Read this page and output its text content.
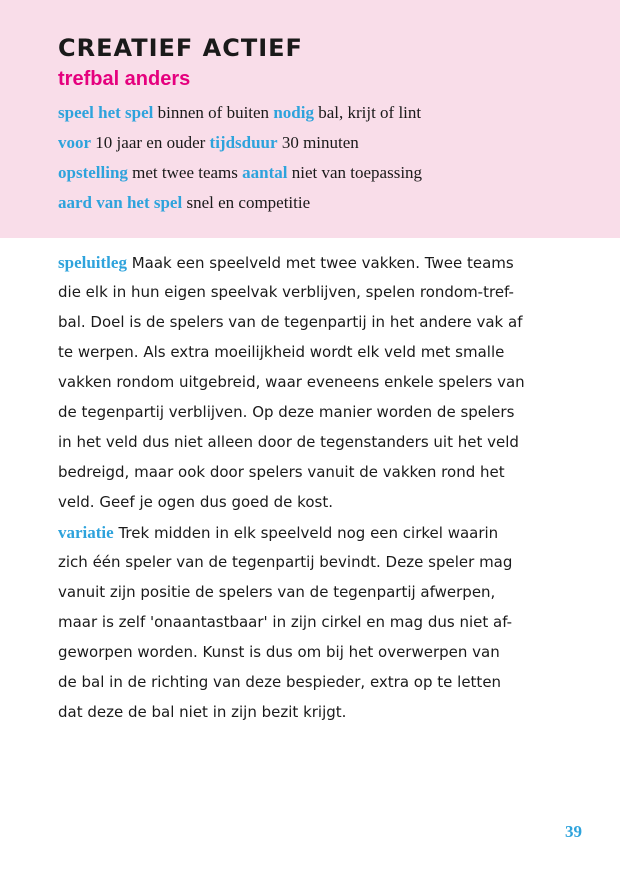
CREATIEF ACTIEF
trefbal anders
speel het spel binnen of buiten nodig bal, krijt of lint
voor 10 jaar en ouder tijdsduur 30 minuten
opstelling met twee teams aantal niet van toepassing
aard van het spel snel en competitie
speluitleg Maak een speelveld met twee vakken. Twee teams
die elk in hun eigen speelvak verblijven, spelen rondom-tref-
bal. Doel is de spelers van de tegenpartij in het andere vak af
te werpen. Als extra moeilijkheid wordt elk veld met smalle
vakken rondom uitgebreid, waar eveneens enkele spelers van
de tegenpartij verblijven. Op deze manier worden de spelers
in het veld dus niet alleen door de tegenstanders uit het veld
bedreigd, maar ook door spelers vanuit de vakken rond het
veld. Geef je ogen dus goed de kost.
variatie Trek midden in elk speelveld nog een cirkel waarin
zich één speler van de tegenpartij bevindt. Deze speler mag
vanuit zijn positie de spelers van de tegenpartij afwerpen,
maar is zelf 'onaantastbaar' in zijn cirkel en mag dus niet af-
geworpen worden. Kunst is dus om bij het overwerpen van
de bal in de richting van deze bespieder, extra op te letten
dat deze de bal niet in zijn bezit krijgt.
39
